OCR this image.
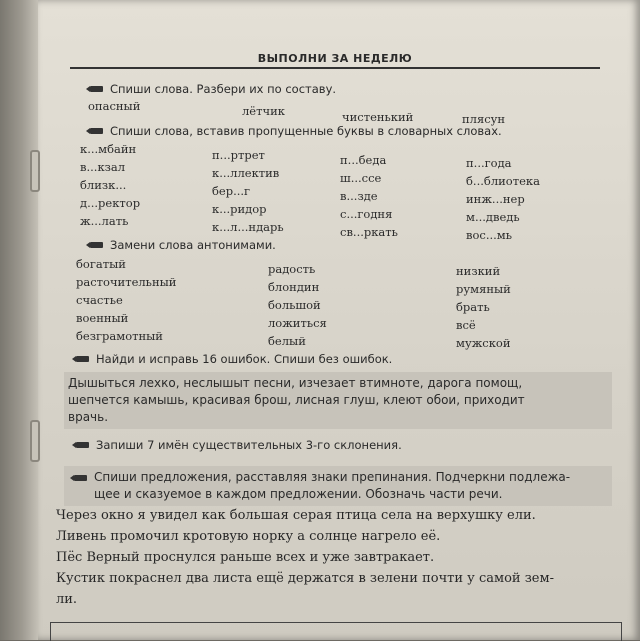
ВЫПОЛНИ ЗА НЕДЕЛЮ
Спиши слова. Разбери их по составу.
опасный	лётчик	чистенький	плясун
Спиши слова, вставив пропущенные буквы в словарных словах.
к...мбайн
в...кзал
близк...
д...ректор
ж...лать
п...ртрет
к...ллектив
бер...г
к...ридор
к...л...ндарь
п...беда
ш...ссе
в...зде
с...годня
св...ркать
п...года
б...блиотека
инж...нер
м...дведь
вос...мь
Замени слова антонимами.
богатый
расточительный
счастье
военный
безграмотный
радость
блондин
большой
ложиться
белый
низкий
румяный
брать
всё
мужской
Найди и исправь 16 ошибок. Спиши без ошибок.
Дышыться лехко, неслышыт песни, изчезает втимноте, дарога помощ,
шепчется камышь, красивая брош, лисная глуш, клеют обои, приходит
врачь.
Запиши 7 имён существительных 3-го склонения.
Спиши предложения, расставляя знаки препинания. Подчеркни подлежа-
щее и сказуемое в каждом предложении. Обозначь части речи.
Через окно я увидел как большая серая птица села на верхушку ели.
Ливень промочил кротовую норку а солнце нагрело её.
Пёс Верный проснулся раньше всех и уже завтракает.
Кустик покраснел два листа ещё держатся в зелени почти у самой зем-
ли.
